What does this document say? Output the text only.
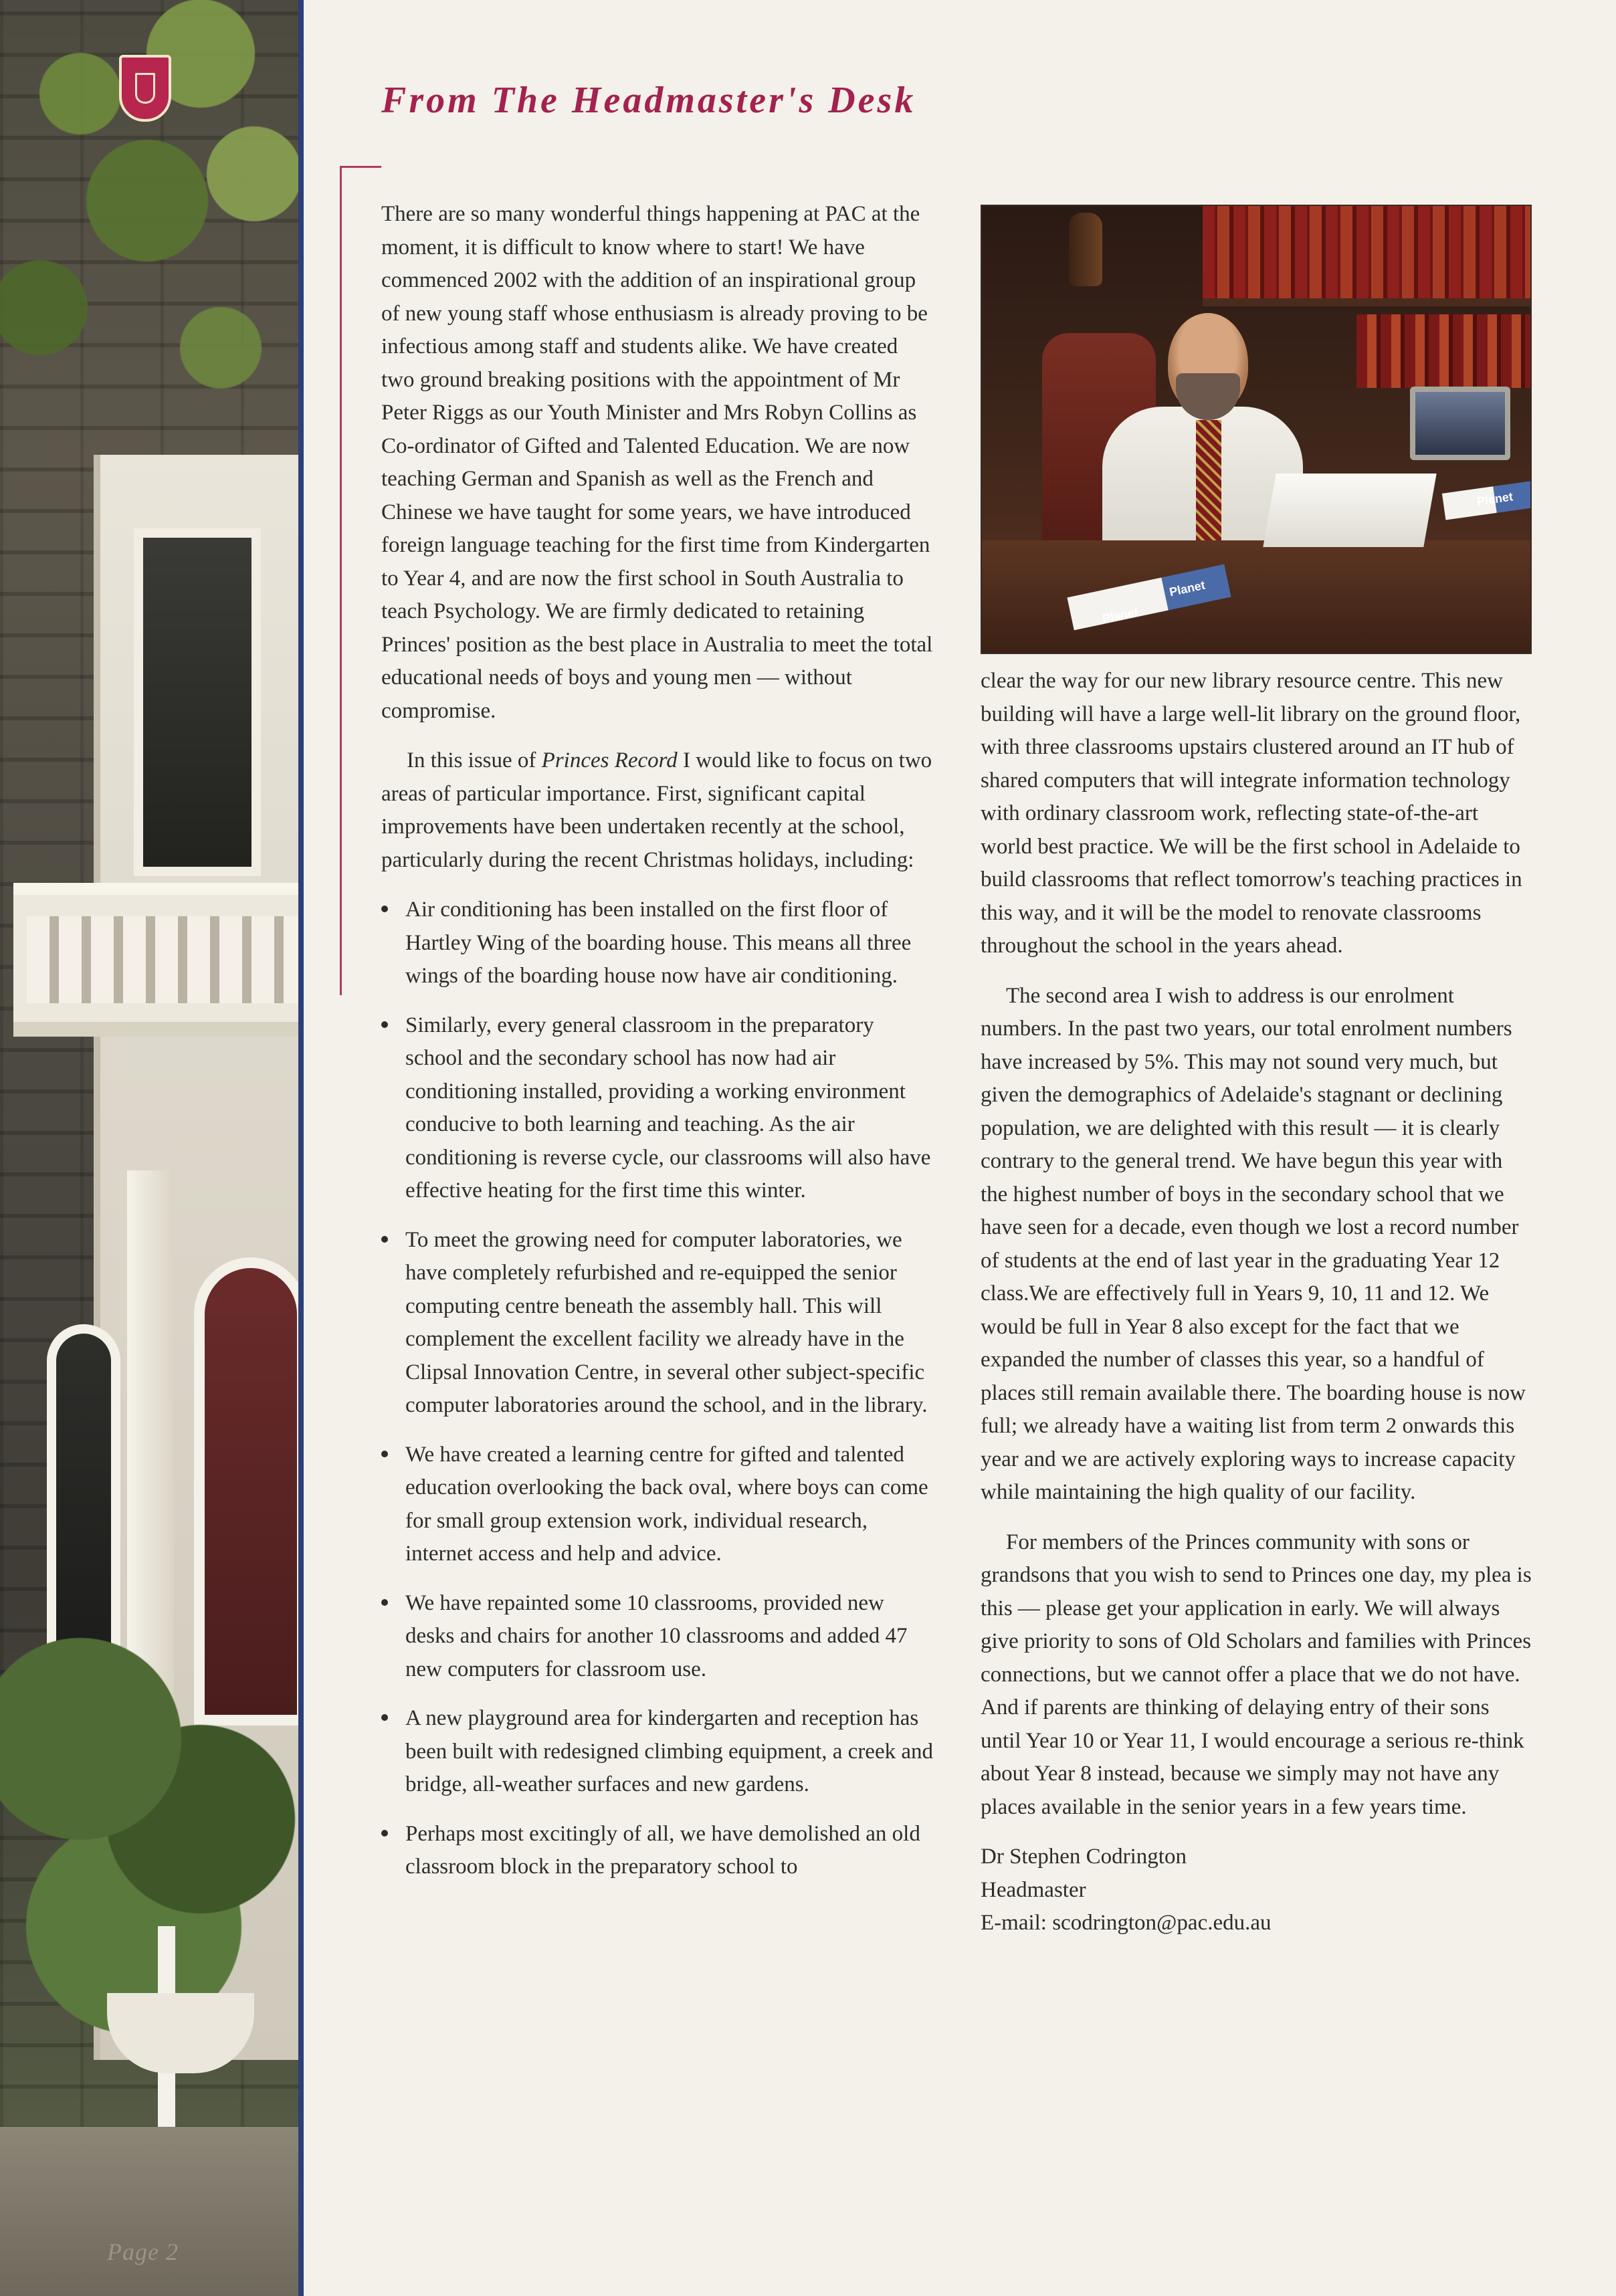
Page 2
From The Headmaster's Desk
Planet
Planet
Planet

There are so many wonderful things happening at PAC at the moment, it is difficult to know where to start! We have commenced 2002 with the addition of an inspirational group of new young staff whose enthusiasm is already proving to be infectious among staff and students alike. We have created two ground breaking positions with the appointment of Mr Peter Riggs as our Youth Minister and Mrs Robyn Collins as Co-ordinator of Gifted and Talented Education. We are now teaching German and Spanish as well as the French and Chinese we have taught for some years, we have introduced foreign language teaching for the first time from Kindergarten to Year 4, and are now the first school in South Australia to teach Psychology. We are firmly dedicated to retaining Princes' position as the best place in Australia to meet the total educational needs of boys and young men — without compromise.

In this issue of Princes Record I would like to focus on two areas of particular importance. First, significant capital improvements have been undertaken recently at the school, particularly during the recent Christmas holidays, including:

Air conditioning has been installed on the first floor of Hartley Wing of the boarding house. This means all three wings of the boarding house now have air conditioning.
Similarly, every general classroom in the preparatory school and the secondary school has now had air conditioning installed, providing a working environment conducive to both learning and teaching. As the air conditioning is reverse cycle, our classrooms will also have effective heating for the first time this winter.
To meet the growing need for computer laboratories, we have completely refurbished and re-equipped the senior computing centre beneath the assembly hall. This will complement the excellent facility we already have in the Clipsal Innovation Centre, in several other subject-specific computer laboratories around the school, and in the library.
We have created a learning centre for gifted and talented education overlooking the back oval, where boys can come for small group extension work, individual research, internet access and help and advice.
We have repainted some 10 classrooms, provided new desks and chairs for another 10 classrooms and added 47 new computers for classroom use.
A new playground area for kindergarten and reception has been built with redesigned climbing equipment, a creek and bridge, all-weather surfaces and new gardens.
Perhaps most excitingly of all, we have demolished an old classroom block in the preparatory school to

clear the way for our new library resource centre. This new building will have a large well-lit library on the ground floor, with three classrooms upstairs clustered around an IT hub of shared computers that will integrate information technology with ordinary classroom work, reflecting state-of-the-art world best practice. We will be the first school in Adelaide to build classrooms that reflect tomorrow's teaching practices in this way, and it will be the model to renovate classrooms throughout the school in the years ahead.

The second area I wish to address is our enrolment numbers. In the past two years, our total enrolment numbers have increased by 5%. This may not sound very much, but given the demographics of Adelaide's stagnant or declining population, we are delighted with this result — it is clearly contrary to the general trend. We have begun this year with the highest number of boys in the secondary school that we have seen for a decade, even though we lost a record number of students at the end of last year in the graduating Year 12 class.We are effectively full in Years 9, 10, 11 and 12. We would be full in Year 8 also except for the fact that we expanded the number of classes this year, so a handful of places still remain available there. The boarding house is now full; we already have a waiting list from term 2 onwards this year and we are actively exploring ways to increase capacity while maintaining the high quality of our facility.

For members of the Princes community with sons or grandsons that you wish to send to Princes one day, my plea is this — please get your application in early. We will always give priority to sons of Old Scholars and families with Princes connections, but we cannot offer a place that we do not have. And if parents are thinking of delaying entry of their sons until Year 10 or Year 11, I would encourage a serious re-think about Year 8 instead, because we simply may not have any places available in the senior years in a few years time.

Dr Stephen Codrington
Headmaster
E-mail: scodrington@pac.edu.au
